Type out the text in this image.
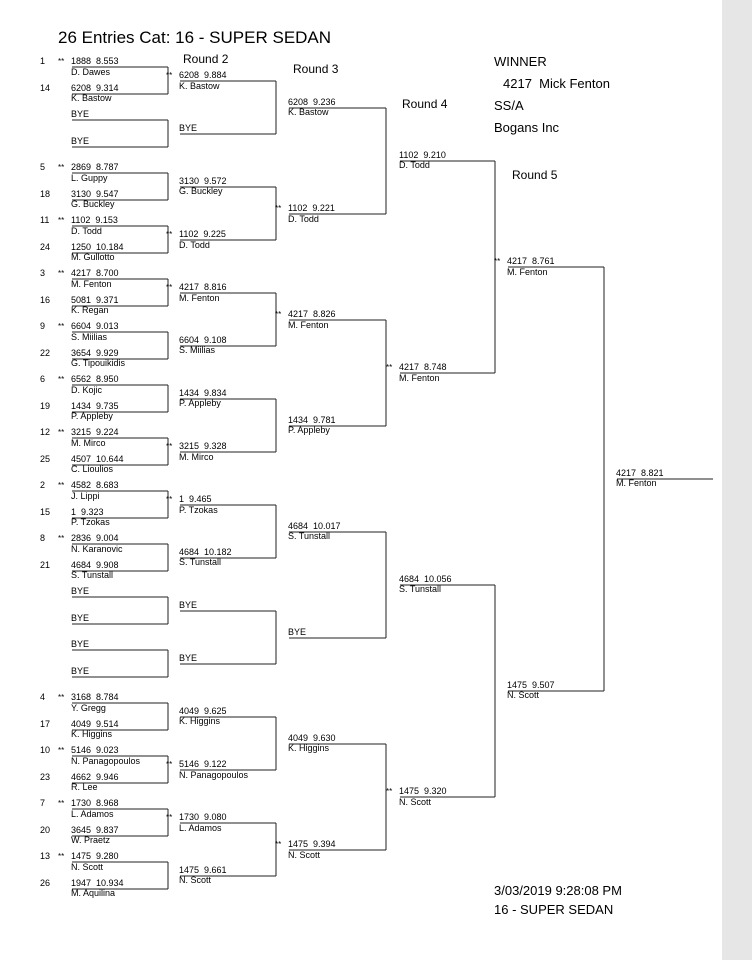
26 Entries Cat: 16 - SUPER SEDAN
Round 2
Round 3
Round 4
Round 5
WINNER
4217  Mick Fenton
SS/A
Bogans Inc
3/03/2019 9:28:08 PM
16 - SUPER SEDAN
** 1888  8.553
D. Dawes
6208  9.314
K. Bastow
BYE
BYE
** 2869  8.787
L. Guppy
3130  9.547
G. Buckley
** 1102  9.153
D. Todd
1250  10.184
M. Gullotto
** 4217  8.700
M. Fenton
5081  9.371
K. Regan
** 6604  9.013
S. Miilias
3654  9.929
G. Tipouikidis
** 6562  8.950
D. Kojic
1434  9.735
P. Appleby
** 3215  9.224
M. Mirco
4507  10.644
C. Lioulios
** 4582  8.683
J. Lippi
1  9.323
P. Tzokas
** 2836  9.004
N. Karanovic
4684  9.908
S. Tunstall
BYE
BYE
BYE
BYE
** 3168  8.784
Y. Gregg
4049  9.514
K. Higgins
** 5146  9.023
N. Panagopoulos
4662  9.946
R. Lee
** 1730  8.968
L. Adamos
3645  9.837
W. Praetz
** 1475  9.280
N. Scott
1947  10.934
M. Aquilina
** 6208  9.884
K. Bastow
BYE
3130  9.572
G. Buckley
** 1102  9.225
D. Todd
** 4217  8.816
M. Fenton
6604  9.108
S. Miilias
1434  9.834
P. Appleby
** 3215  9.328
M. Mirco
** 1  9.465
P. Tzokas
4684  10.182
S. Tunstall
BYE
BYE
4049  9.625
K. Higgins
** 5146  9.122
N. Panagopoulos
** 1730  9.080
L. Adamos
1475  9.661
N. Scott
6208  9.236
K. Bastow
** 1102  9.221
D. Todd
** 4217  8.826
M. Fenton
1434  9.781
P. Appleby
4684  10.017
S. Tunstall
BYE
4049  9.630
K. Higgins
** 1475  9.394
N. Scott
1102  9.210
D. Todd
** 4217  8.748
M. Fenton
4684  10.056
S. Tunstall
** 1475  9.320
N. Scott
** 4217  8.761
M. Fenton
1475  9.507
N. Scott
4217  8.821
M. Fenton
1
14
5
18
11
24
3
16
9
22
6
19
12
25
2
15
8
21
4
17
10
23
7
20
13
26
